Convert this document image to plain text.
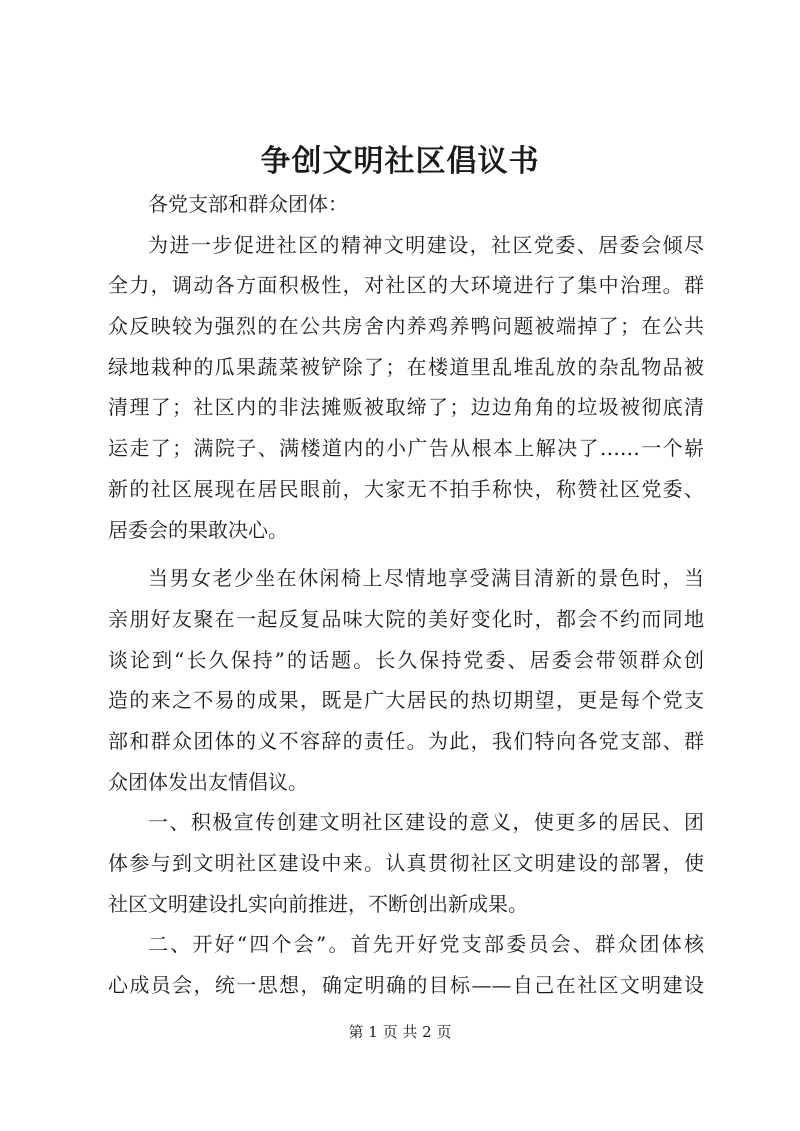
争创文明社区倡议书
各党支部和群众团体：
为进一步促进社区的精神文明建设，社区党委、居委会倾尽
全力，调动各方面积极性，对社区的大环境进行了集中治理。群
众反映较为强烈的在公共房舍内养鸡养鸭问题被端掉了；在公共
绿地栽种的瓜果蔬菜被铲除了；在楼道里乱堆乱放的杂乱物品被
清理了；社区内的非法摊贩被取缔了；边边角角的垃圾被彻底清
运走了；满院子、满楼道内的小广告从根本上解决了……一个崭
新的社区展现在居民眼前，大家无不拍手称快，称赞社区党委、
居委会的果敢决心。
当男女老少坐在休闲椅上尽情地享受满目清新的景色时，当
亲朋好友聚在一起反复品味大院的美好变化时，都会不约而同地
谈论到“长久保持”的话题。长久保持党委、居委会带领群众创
造的来之不易的成果，既是广大居民的热切期望，更是每个党支
部和群众团体的义不容辞的责任。为此，我们特向各党支部、群
众团体发出友情倡议。
一、积极宣传创建文明社区建设的意义，使更多的居民、团
体参与到文明社区建设中来。认真贯彻社区文明建设的部署，使
社区文明建设扎实向前推进，不断创出新成果。
二、开好“四个会”。首先开好党支部委员会、群众团体核
心成员会，统一思想，确定明确的目标——自己在社区文明建设
第 1 页 共 2 页
